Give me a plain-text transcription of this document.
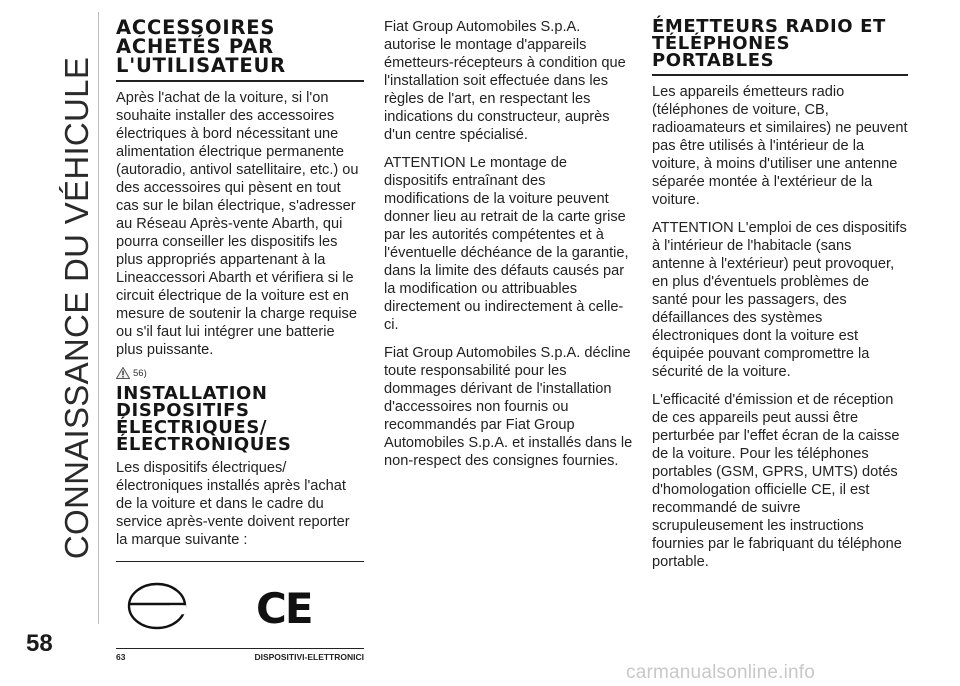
CONNAISSANCE DU VÉHICULE
58
ACCESSOIRES ACHETÉS PAR L'UTILISATEUR

Après l'achat de la voiture, si l'on souhaite installer des accessoires électriques à bord nécessitant une alimentation électrique permanente (autoradio, antivol satellitaire, etc.) ou des accessoires qui pèsent en tout cas sur le bilan électrique, s'adresser au Réseau Après-vente Abarth, qui pourra conseiller les dispositifs les plus appropriés appartenant à la Lineaccessori Abarth et vérifiera si le circuit électrique de la voiture est en mesure de soutenir la charge requise ou s'il faut lui intégrer une batterie plus puissante.

56)
INSTALLATION DISPOSITIFS ÉLECTRIQUES/ ÉLECTRONIQUES

Les dispositifs électriques/électroniques installés après l'achat de la voiture et dans le cadre du service après-vente doivent reporter la marque suivante :

CE
63	DISPOSITIVI-ELETTRONICI

Fiat Group Automobiles S.p.A. autorise le montage d'appareils émetteurs-récepteurs à condition que l'installation soit effectuée dans les règles de l'art, en respectant les indications du constructeur, auprès d'un centre spécialisé.

ATTENTION Le montage de dispositifs entraînant des modifications de la voiture peuvent donner lieu au retrait de la carte grise par les autorités compétentes et à l'éventuelle déchéance de la garantie, dans la limite des défauts causés par la modification ou attribuables directement ou indirectement à celle-ci.

Fiat Group Automobiles S.p.A. décline toute responsabilité pour les dommages dérivant de l'installation d'accessoires non fournis ou recommandés par Fiat Group Automobiles S.p.A. et installés dans le non-respect des consignes fournies.

ÉMETTEURS RADIO ET TÉLÉPHONES PORTABLES

Les appareils émetteurs radio (téléphones de voiture, CB, radioamateurs et similaires) ne peuvent pas être utilisés à l'intérieur de la voiture, à moins d'utiliser une antenne séparée montée à l'extérieur de la voiture.

ATTENTION L'emploi de ces dispositifs à l'intérieur de l'habitacle (sans antenne à l'extérieur) peut provoquer, en plus d'éventuels problèmes de santé pour les passagers, des défaillances des systèmes électroniques dont la voiture est équipée pouvant compromettre la sécurité de la voiture.

L'efficacité d'émission et de réception de ces appareils peut aussi être perturbée par l'effet écran de la caisse de la voiture. Pour les téléphones portables (GSM, GPRS, UMTS) dotés d'homologation officielle CE, il est recommandé de suivre scrupuleusement les instructions fournies par le fabriquant du téléphone portable.

carmanualsonline.info
